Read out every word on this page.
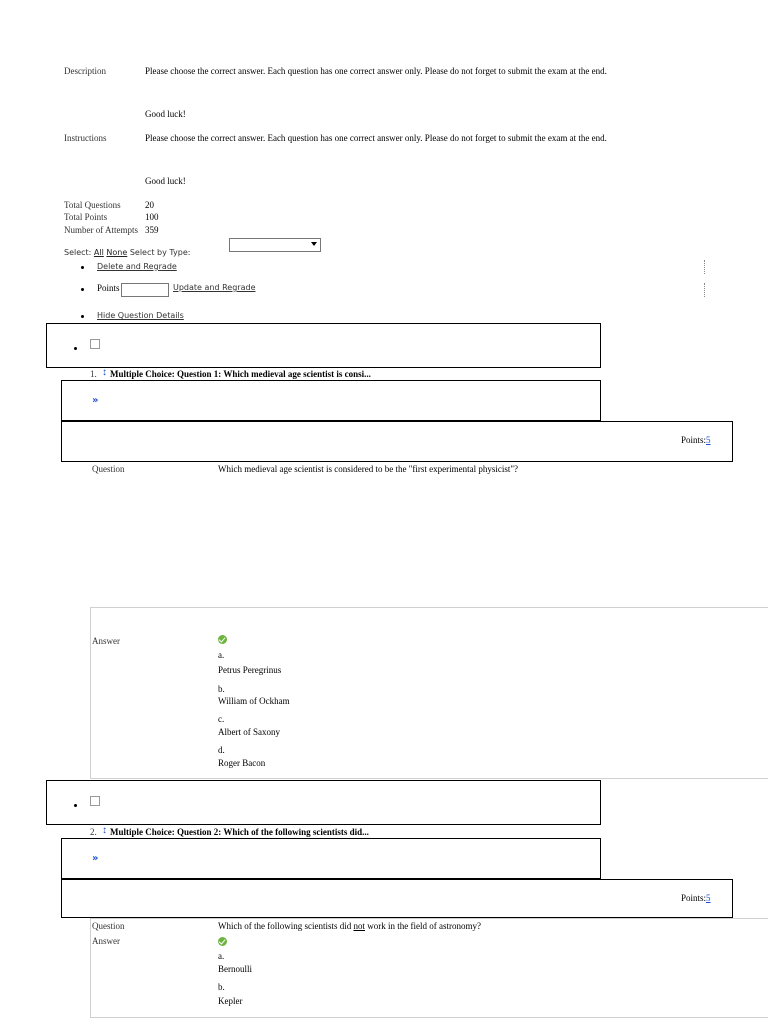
Description	Please choose the correct answer. Each question has one correct answer only. Please do not forget to submit the exam at the end.
Good luck!
Instructions	Please choose the correct answer. Each question has one correct answer only. Please do not forget to submit the exam at the end.
Good luck!
Total Questions	20
Total Points	100
Number of Attempts 359
Select: All None Select by Type:
Delete and Regrade
Points	Update and Regrade
Hide Question Details
1. ↕ Multiple Choice: Question 1: Which medieval age scientist is consi...
»
Points:5
Question	Which medieval age scientist is considered to be the "first experimental physicist"?
Answer
a.
Petrus Peregrinus
b.
William of Ockham
c.
Albert of Saxony
d.
Roger Bacon
2. ↕ Multiple Choice: Question 2: Which of the following scientists did...
»
Points:5
Question	Which of the following scientists did not work in the field of astronomy?
Answer
a.
Bernoulli
b.
Kepler
